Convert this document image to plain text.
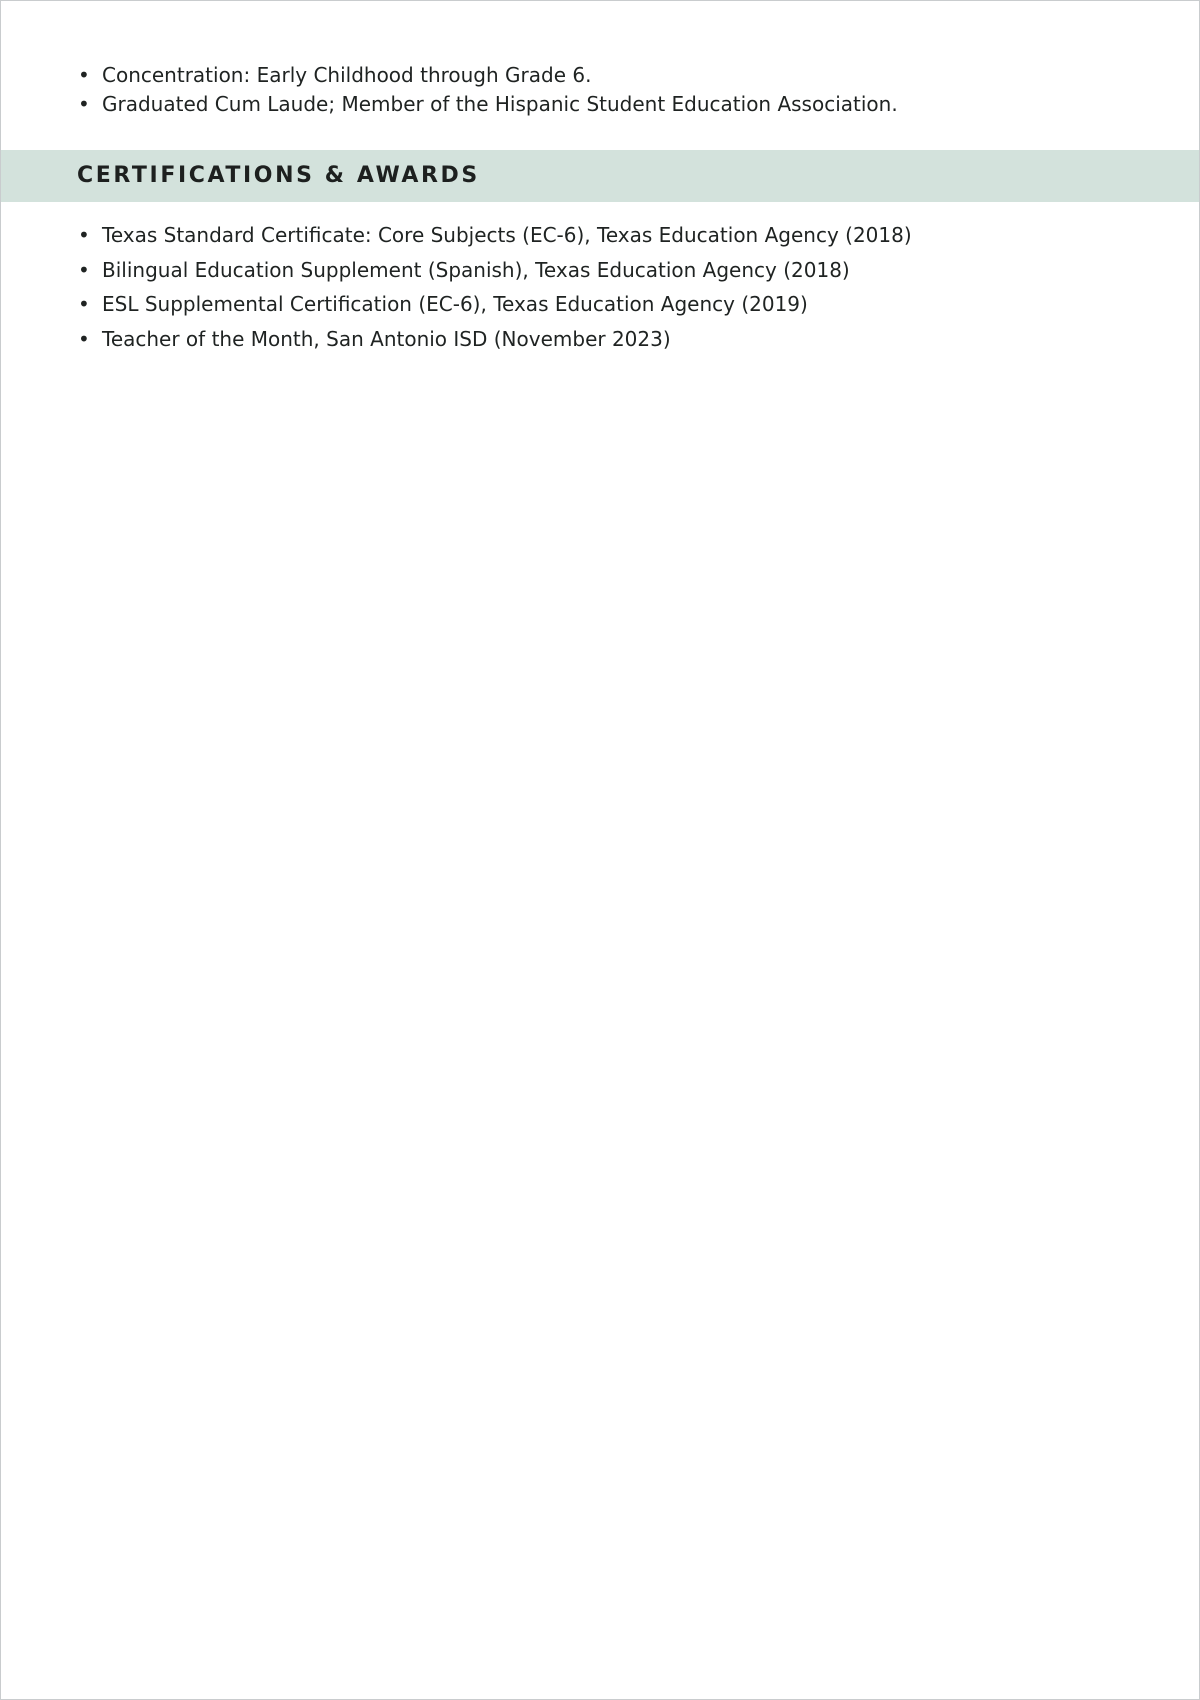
• Concentration: Early Childhood through Grade 6.
• Graduated Cum Laude; Member of the Hispanic Student Education Association.
CERTIFICATIONS & AWARDS
• Texas Standard Certificate: Core Subjects (EC-6), Texas Education Agency (2018)
• Bilingual Education Supplement (Spanish), Texas Education Agency (2018)
• ESL Supplemental Certification (EC-6), Texas Education Agency (2019)
• Teacher of the Month, San Antonio ISD (November 2023)
